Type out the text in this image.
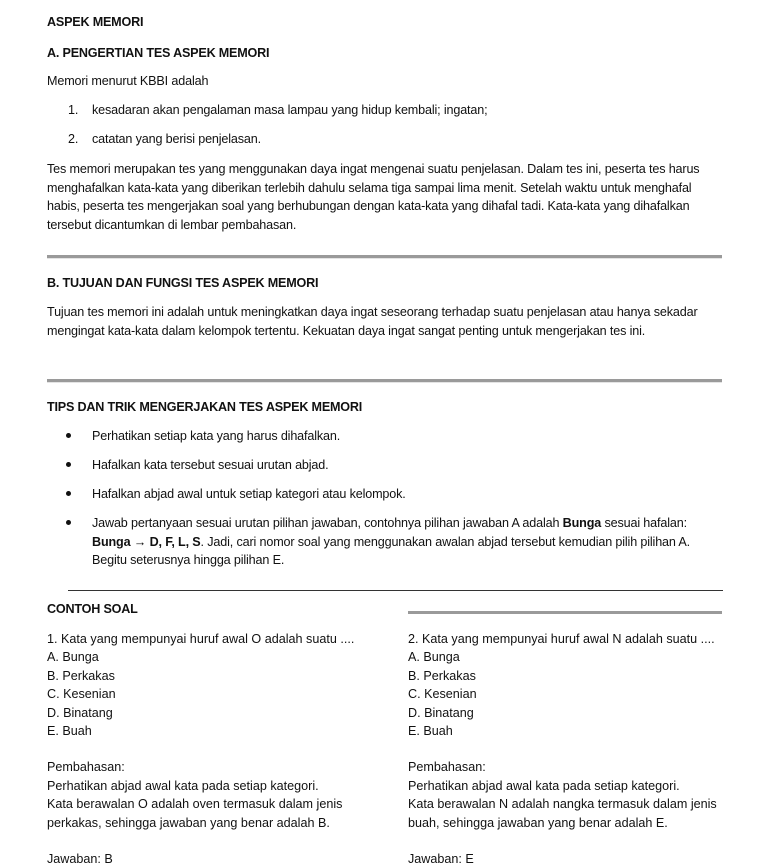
ASPEK MEMORI
A. PENGERTIAN TES ASPEK MEMORI
Memori menurut KBBI adalah
1. kesadaran akan pengalaman masa lampau yang hidup kembali; ingatan;
2. catatan yang berisi penjelasan.
Tes memori merupakan tes yang menggunakan daya ingat mengenai suatu penjelasan. Dalam tes ini, peserta tes harus menghafalkan kata-kata yang diberikan terlebih dahulu selama tiga sampai lima menit. Setelah waktu untuk menghafal habis, peserta tes mengerjakan soal yang berhubungan dengan kata-kata yang dihafal tadi. Kata-kata yang dihafalkan tersebut dicantumkan di lembar pembahasan.
B. TUJUAN DAN FUNGSI TES ASPEK MEMORI
Tujuan tes memori ini adalah untuk meningkatkan daya ingat seseorang terhadap suatu penjelasan atau hanya sekadar mengingat kata-kata dalam kelompok tertentu. Kekuatan daya ingat sangat penting untuk mengerjakan tes ini.
TIPS DAN TRIK MENGERJAKAN TES ASPEK MEMORI
Perhatikan setiap kata yang harus dihafalkan.
Hafalkan kata tersebut sesuai urutan abjad.
Hafalkan abjad awal untuk setiap kategori atau kelompok.
Jawab pertanyaan sesuai urutan pilihan jawaban, contohnya pilihan jawaban A adalah Bunga sesuai hafalan: Bunga → D, F, L, S. Jadi, cari nomor soal yang menggunakan awalan abjad tersebut kemudian pilih pilihan A. Begitu seterusnya hingga pilihan E.
CONTOH SOAL
1. Kata yang mempunyai huruf awal O adalah suatu ....
A. Bunga
B. Perkakas
C. Kesenian
D. Binatang
E. Buah
Pembahasan:
Perhatikan abjad awal kata pada setiap kategori.
Kata berawalan O adalah oven termasuk dalam jenis
perkakas, sehingga jawaban yang benar adalah B.
Jawaban: B
2. Kata yang mempunyai huruf awal N adalah suatu ....
A. Bunga
B. Perkakas
C. Kesenian
D. Binatang
E. Buah
Pembahasan:
Perhatikan abjad awal kata pada setiap kategori.
Kata berawalan N adalah nangka termasuk dalam jenis
buah, sehingga jawaban yang benar adalah E.
Jawaban: E
